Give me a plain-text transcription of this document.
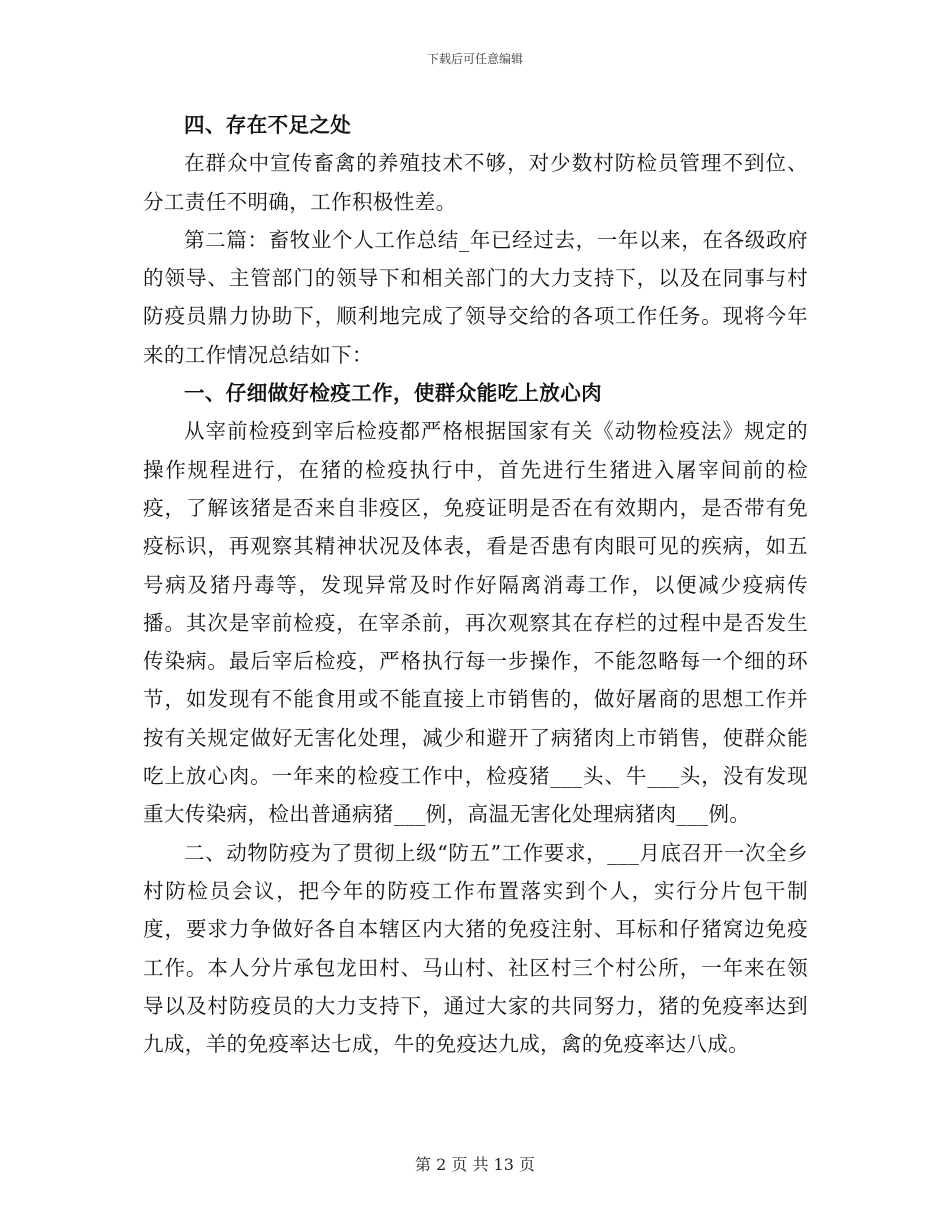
下载后可任意编辑

四、存在不足之处

在群众中宣传畜禽的养殖技术不够，对少数村防检员管理不到位、分工责任不明确，工作积极性差。

第二篇：畜牧业个人工作总结_年已经过去，一年以来，在各级政府的领导、主管部门的领导下和相关部门的大力支持下，以及在同事与村防疫员鼎力协助下，顺利地完成了领导交给的各项工作任务。现将今年来的工作情况总结如下：

一、仔细做好检疫工作，使群众能吃上放心肉

从宰前检疫到宰后检疫都严格根据国家有关《动物检疫法》规定的操作规程进行，在猪的检疫执行中，首先进行生猪进入屠宰间前的检疫，了解该猪是否来自非疫区，免疫证明是否在有效期内，是否带有免疫标识，再观察其精神状况及体表，看是否患有肉眼可见的疾病，如五号病及猪丹毒等，发现异常及时作好隔离消毒工作，以便减少疫病传播。其次是宰前检疫，在宰杀前，再次观察其在存栏的过程中是否发生传染病。最后宰后检疫，严格执行每一步操作，不能忽略每一个细的环节，如发现有不能食用或不能直接上市销售的，做好屠商的思想工作并按有关规定做好无害化处理，减少和避开了病猪肉上市销售，使群众能吃上放心肉。一年来的检疫工作中，检疫猪___头、牛___头，没有发现重大传染病，检出普通病猪___例，高温无害化处理病猪肉___例。

二、动物防疫为了贯彻上级“防五”工作要求，___月底召开一次全乡村防检员会议，把今年的防疫工作布置落实到个人，实行分片包干制度，要求力争做好各自本辖区内大猪的免疫注射、耳标和仔猪窝边免疫工作。本人分片承包龙田村、马山村、社区村三个村公所，一年来在领导以及村防疫员的大力支持下，通过大家的共同努力，猪的免疫率达到九成，羊的免疫率达七成，牛的免疫达九成，禽的免疫率达八成。

第 2 页 共 13 页
